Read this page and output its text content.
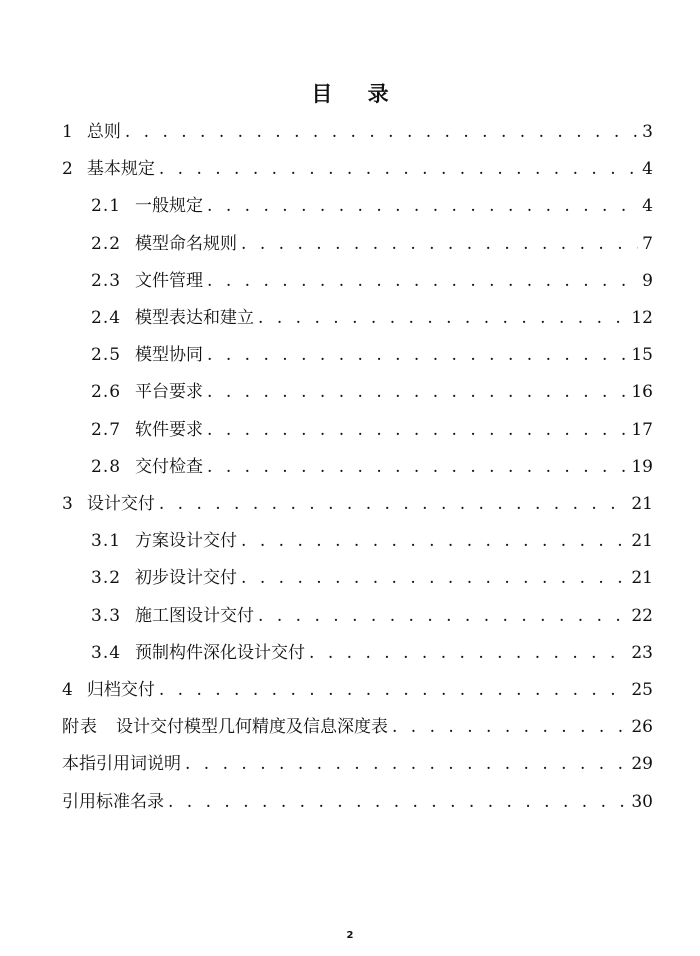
目 录
1 总则 . . .	3
2 基本规定 . . .	4
2.1 一般规定 . . .	4
2.2 模型命名规则 . . .	7
2.3 文件管理 . . .	9
2.4 模型表达和建立 . . .	12
2.5 模型协同 . . .	15
2.6 平台要求 . . .	16
2.7 软件要求 . . .	17
2.8 交付检查 . . .	19
3 设计交付 . . .	21
3.1 方案设计交付 . . .	21
3.2 初步设计交付 . . .	21
3.3 施工图设计交付 . . .	22
3.4 预制构件深化设计交付 . . .	23
4 归档交付 . . .	25
附表 设计交付模型几何精度及信息深度表 . . .	26
本指引用词说明 . . .	29
引用标准名录 . . .	30
2
